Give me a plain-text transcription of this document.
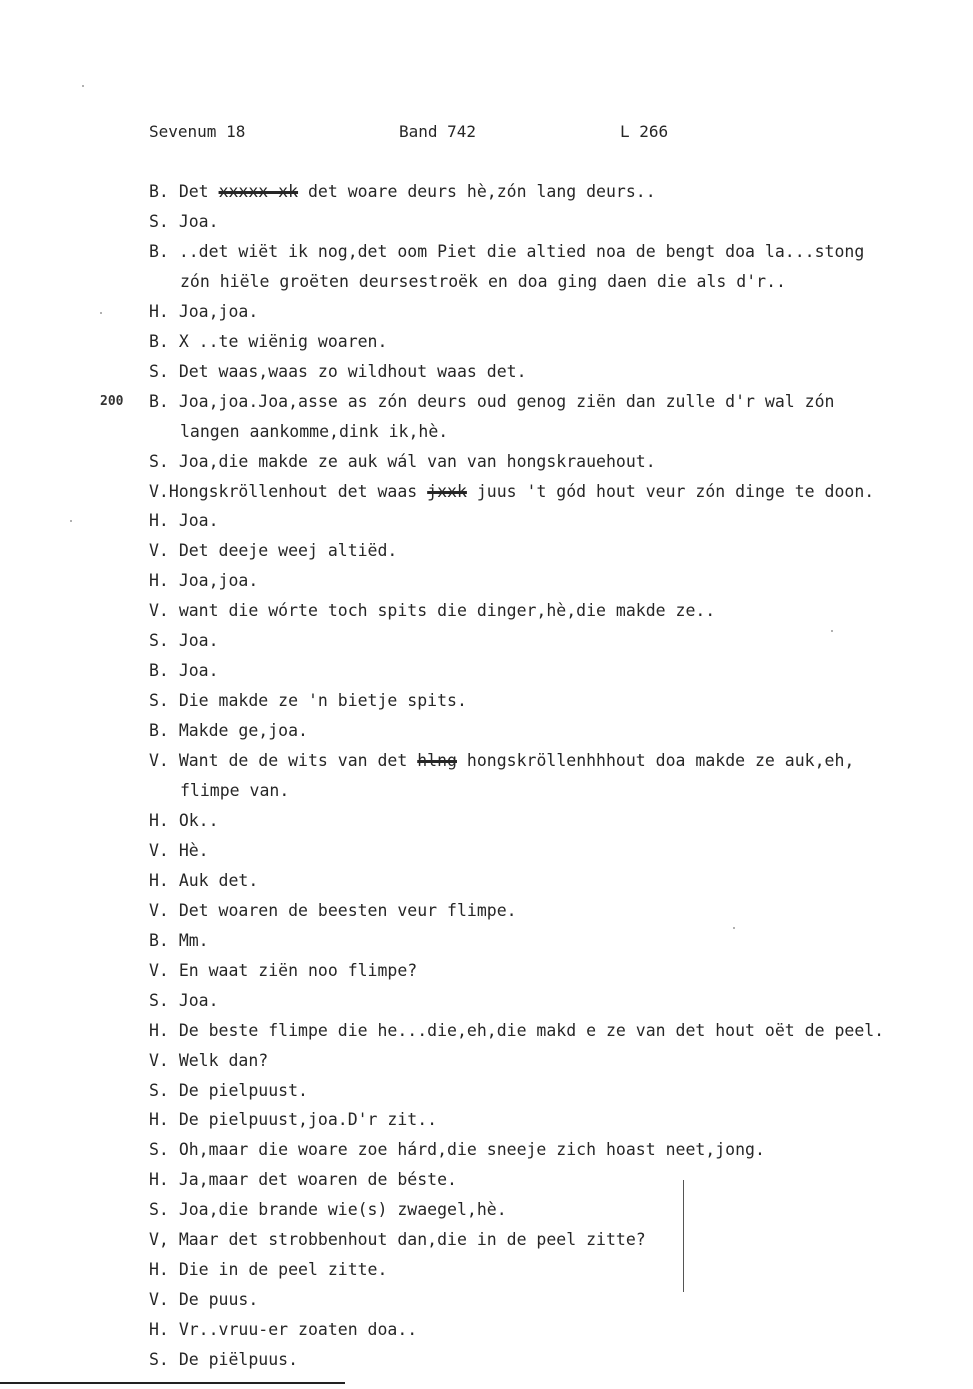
Sevenum 18	Band 742	L 266
200
B. Det xxxxx xk det woare deurs hè,zón lang deurs..
S. Joa.
B. ..det wiët ik nog,det oom Piet die altied noa de bengt doa la...stong
zón hiële groëten deursestroëk en doa ging daen die als d'r..
H. Joa,joa.
B. X ..te wiënig woaren.
S. Det waas,waas zo wildhout waas det.
B. Joa,joa.Joa,asse as zón deurs oud genog ziën dan zulle d'r wal zón
langen aankomme,dink ik,hè.
S. Joa,die makde ze auk wál van van hongskrauehout.
V.Hongskröllenhout det waas jxxk juus 't gód hout veur zón dinge te doon.
H. Joa.
V. Det deeje weej altiëd.
H. Joa,joa.
V. want die wórte toch spits die dinger,hè,die makde ze..
S. Joa.
B. Joa.
S. Die makde ze 'n bietje spits.
B. Makde ge,joa.
V. Want de de wits van det hlng hongskröllenhhhout doa makde ze auk,eh,
flimpe van.
H. Ok..
V. Hè.
H. Auk det.
V. Det woaren de beesten veur flimpe.
B. Mm.
V. En waat ziën noo flimpe?
S. Joa.
H. De beste flimpe die he...die,eh,die makd e ze van det hout oët de peel.
V. Welk dan?
S. De pielpuust.
H. De pielpuust,joa.D'r zit..
S. Oh,maar die woare zoe hárd,die sneeje zich hoast neet,jong.
H. Ja,maar det woaren de béste.
S. Joa,die brande wie(s) zwaegel,hè.
V, Maar det strobbenhout dan,die in de peel zitte?
H. Die in de peel zitte.
V. De puus.
H. Vr..vruu-er zoaten doa..
S. De piëlpuus.
